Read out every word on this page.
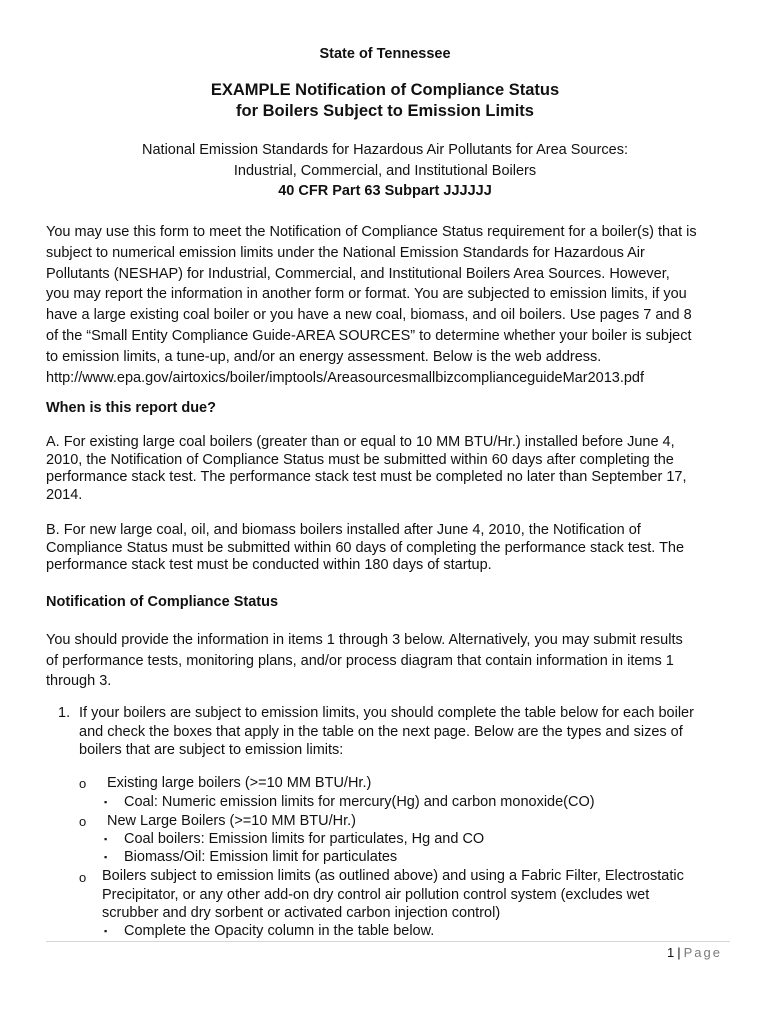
State of Tennessee
EXAMPLE Notification of Compliance Status
for Boilers Subject to Emission Limits
National Emission Standards for Hazardous Air Pollutants for Area Sources:
Industrial, Commercial, and Institutional Boilers
40 CFR Part 63 Subpart JJJJJJ
You may use this form to meet the Notification of Compliance Status requirement for a boiler(s) that is
subject to numerical emission limits under the National Emission Standards for Hazardous Air
Pollutants (NESHAP) for Industrial, Commercial, and Institutional Boilers Area Sources. However,
you may report the information in another form or format. You are subjected to emission limits, if you
have a large existing coal boiler or you have a new coal, biomass, and oil boilers. Use pages 7 and 8
of the “Small Entity Compliance Guide-AREA SOURCES” to determine whether your boiler is subject
to emission limits, a tune-up, and/or an energy assessment. Below is the web address.
http://www.epa.gov/airtoxics/boiler/imptools/AreasourcesmallbizcomplianceguideMar2013.pdf
When is this report due?
A. For existing large coal boilers (greater than or equal to 10 MM BTU/Hr.) installed before June 4,
2010, the Notification of Compliance Status must be submitted within 60 days after completing the
performance stack test. The performance stack test must be completed no later than September 17,
2014.
B. For new large coal, oil, and biomass boilers installed after June 4, 2010, the Notification of
Compliance Status must be submitted within 60 days of completing the performance stack test. The
performance stack test must be conducted within 180 days of startup.
Notification of Compliance Status
You should provide the information in items 1 through 3 below. Alternatively, you may submit results
of performance tests, monitoring plans, and/or process diagram that contain information in items 1
through 3.
1. If your boilers are subject to emission limits, you should complete the table below for each boiler
and check the boxes that apply in the table on the next page. Below are the types and sizes of
boilers that are subject to emission limits:
o Existing large boilers (>=10 MM BTU/Hr.)
▪ Coal: Numeric emission limits for mercury(Hg) and carbon monoxide(CO)
o New Large Boilers (>=10 MM BTU/Hr.)
▪ Coal boilers: Emission limits for particulates, Hg and CO
▪ Biomass/Oil: Emission limit for particulates
o Boilers subject to emission limits (as outlined above) and using a Fabric Filter, Electrostatic
Precipitator, or any other add-on dry control air pollution control system (excludes wet
scrubber and dry sorbent or activated carbon injection control)
▪ Complete the Opacity column in the table below.
1 | Page
